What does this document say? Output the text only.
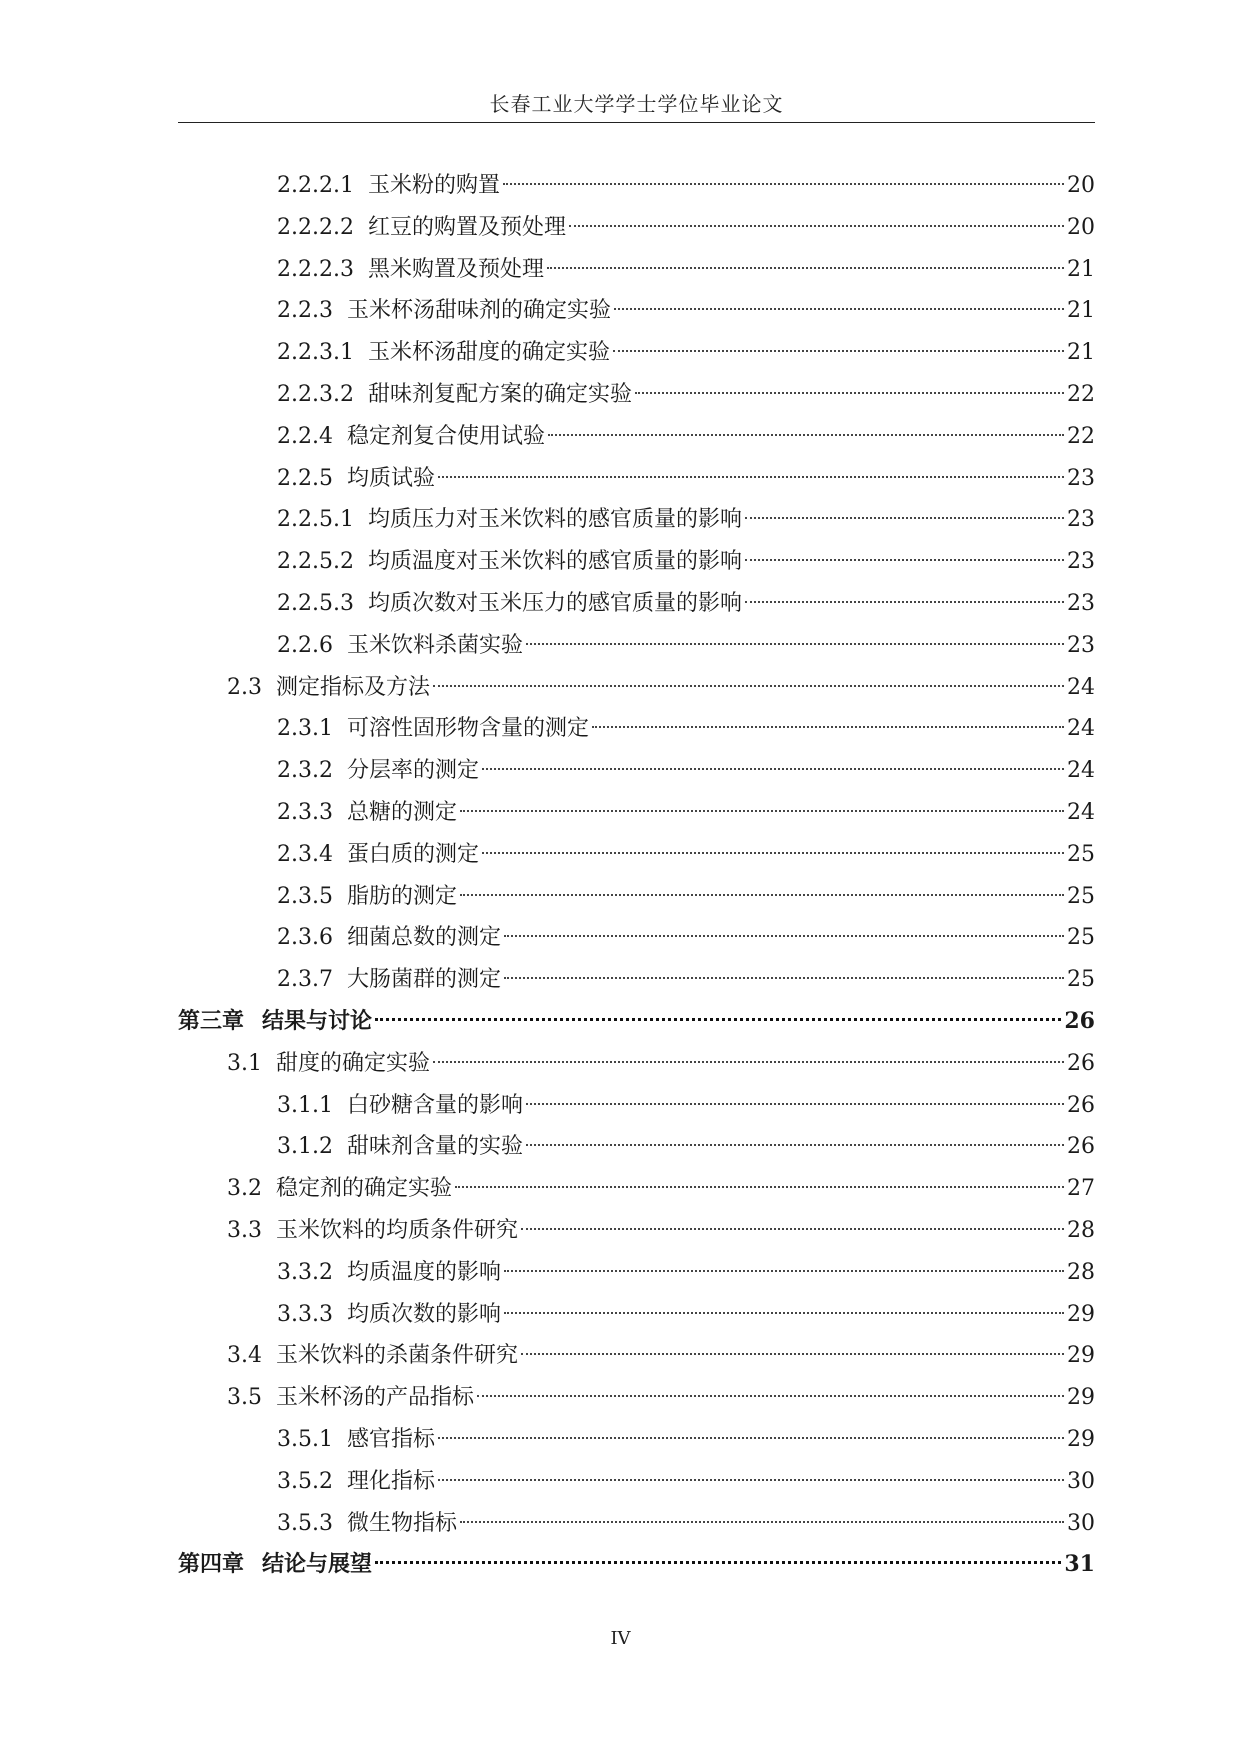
长春工业大学学士学位毕业论文
2.2.2.1 玉米粉的购置	20
2.2.2.2 红豆的购置及预处理	20
2.2.2.3 黑米购置及预处理	21
2.2.3 玉米杯汤甜味剂的确定实验	21
2.2.3.1 玉米杯汤甜度的确定实验	21
2.2.3.2 甜味剂复配方案的确定实验	22
2.2.4 稳定剂复合使用试验	22
2.2.5 均质试验	23
2.2.5.1 均质压力对玉米饮料的感官质量的影响	23
2.2.5.2 均质温度对玉米饮料的感官质量的影响	23
2.2.5.3 均质次数对玉米压力的感官质量的影响	23
2.2.6 玉米饮料杀菌实验	23
2.3 测定指标及方法	24
2.3.1 可溶性固形物含量的测定	24
2.3.2 分层率的测定	24
2.3.3 总糖的测定	24
2.3.4 蛋白质的测定	25
2.3.5 脂肪的测定	25
2.3.6 细菌总数的测定	25
2.3.7 大肠菌群的测定	25
第三章 结果与讨论	26
3.1 甜度的确定实验	26
3.1.1 白砂糖含量的影响	26
3.1.2 甜味剂含量的实验	26
3.2 稳定剂的确定实验	27
3.3 玉米饮料的均质条件研究	28
3.3.2 均质温度的影响	28
3.3.3 均质次数的影响	29
3.4 玉米饮料的杀菌条件研究	29
3.5 玉米杯汤的产品指标	29
3.5.1 感官指标	29
3.5.2 理化指标	30
3.5.3 微生物指标	30
第四章 结论与展望	31
IV
